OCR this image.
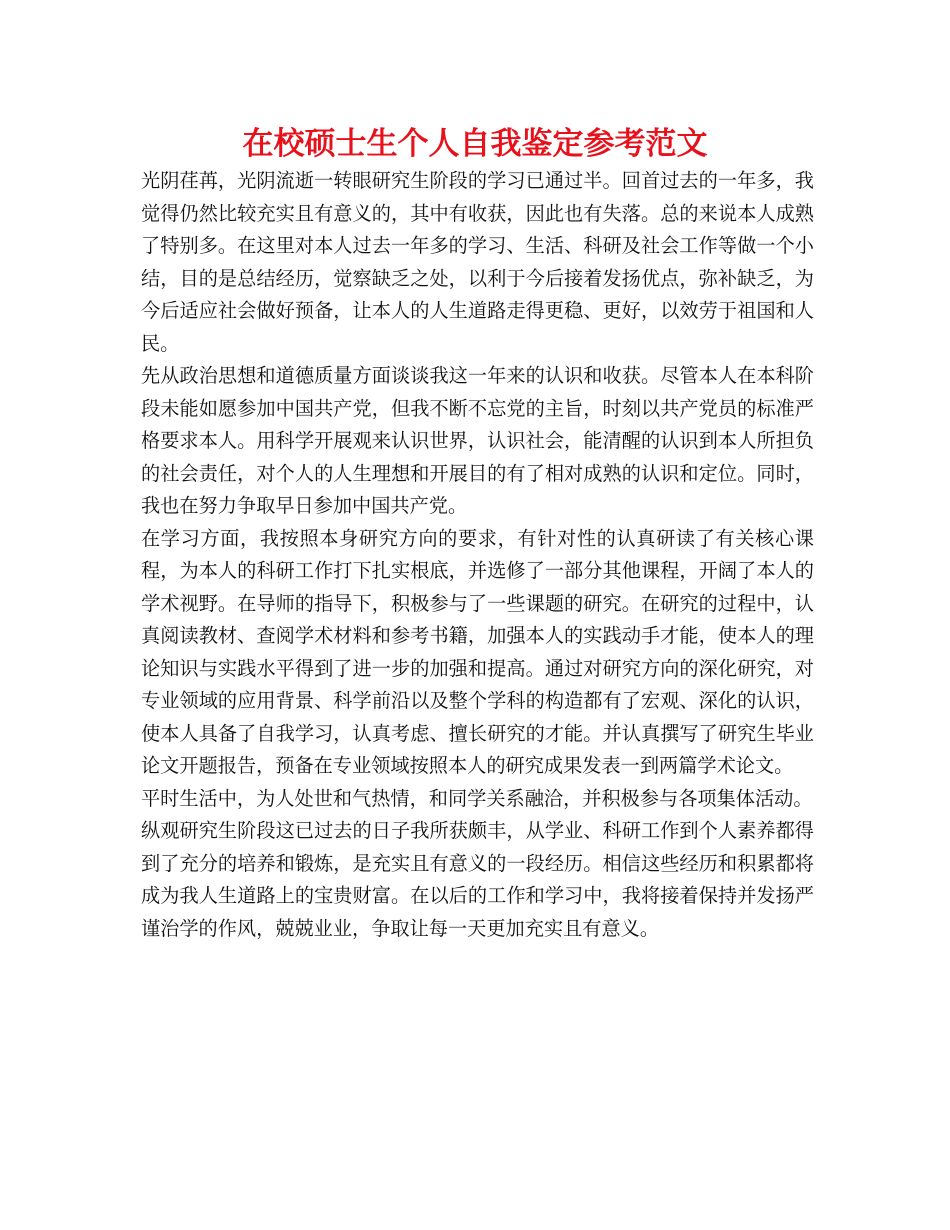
在校硕士生个人自我鉴定参考范文

光阴荏苒，光阴流逝一转眼研究生阶段的学习已通过半。回首过去的一年多，我觉得仍然比较充实且有意义的，其中有收获，因此也有失落。总的来说本人成熟了特别多。在这里对本人过去一年多的学习、生活、科研及社会工作等做一个小结，目的是总结经历，觉察缺乏之处，以利于今后接着发扬优点，弥补缺乏，为今后适应社会做好预备，让本人的人生道路走得更稳、更好，以效劳于祖国和人民。

先从政治思想和道德质量方面谈谈我这一年来的认识和收获。尽管本人在本科阶段未能如愿参加中国共产党，但我不断不忘党的主旨，时刻以共产党员的标准严格要求本人。用科学开展观来认识世界，认识社会，能清醒的认识到本人所担负的社会责任，对个人的人生理想和开展目的有了相对成熟的认识和定位。同时，我也在努力争取早日参加中国共产党。

在学习方面，我按照本身研究方向的要求，有针对性的认真研读了有关核心课程，为本人的科研工作打下扎实根底，并选修了一部分其他课程，开阔了本人的学术视野。在导师的指导下，积极参与了一些课题的研究。在研究的过程中，认真阅读教材、查阅学术材料和参考书籍，加强本人的实践动手才能，使本人的理论知识与实践水平得到了进一步的加强和提高。通过对研究方向的深化研究，对专业领域的应用背景、科学前沿以及整个学科的构造都有了宏观、深化的认识，使本人具备了自我学习，认真考虑、擅长研究的才能。并认真撰写了研究生毕业论文开题报告，预备在专业领域按照本人的研究成果发表一到两篇学术论文。

平时生活中，为人处世和气热情，和同学关系融洽，并积极参与各项集体活动。

纵观研究生阶段这已过去的日子我所获颇丰，从学业、科研工作到个人素养都得到了充分的培养和锻炼，是充实且有意义的一段经历。相信这些经历和积累都将成为我人生道路上的宝贵财富。在以后的工作和学习中，我将接着保持并发扬严谨治学的作风，兢兢业业，争取让每一天更加充实且有意义。
